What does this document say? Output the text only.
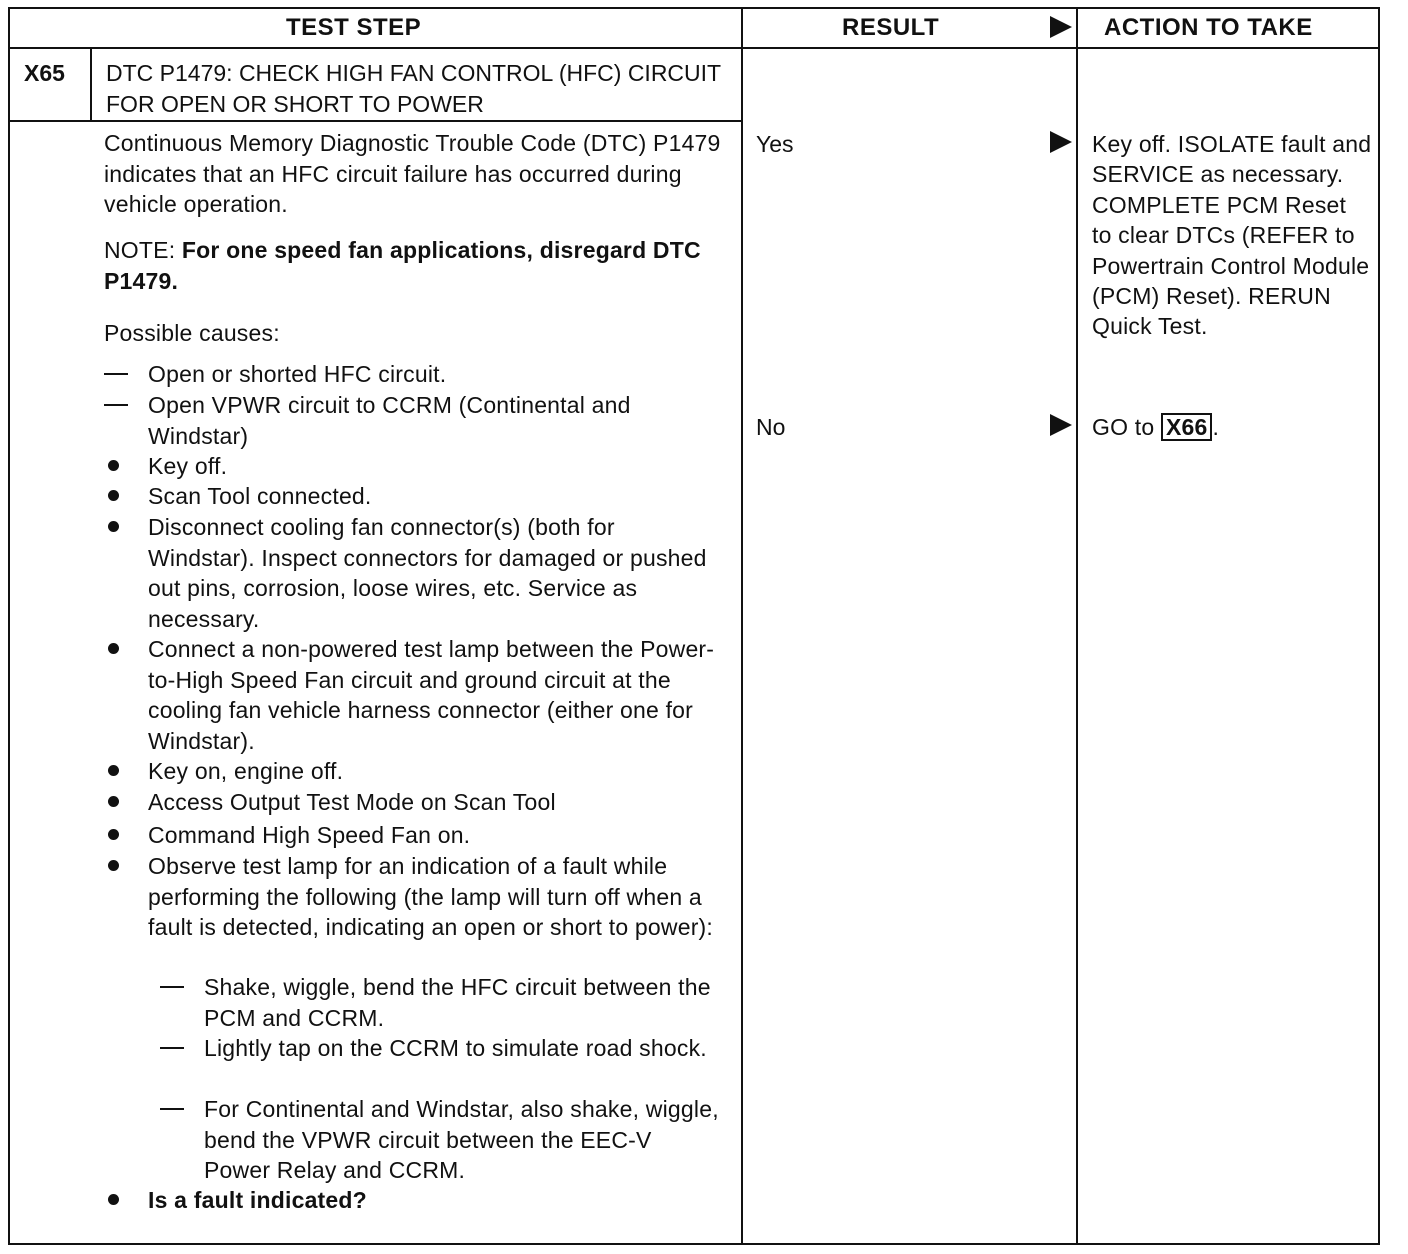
TEST STEP	RESULT	ACTION TO TAKE
X65 DTC P1479: CHECK HIGH FAN CONTROL (HFC) CIRCUIT FOR OPEN OR SHORT TO POWER
Continuous Memory Diagnostic Trouble Code (DTC) P1479 indicates that an HFC circuit failure has occurred during vehicle operation.
NOTE: For one speed fan applications, disregard DTC P1479.
Possible causes:
Open or shorted HFC circuit.
Open VPWR circuit to CCRM (Continental and Windstar)
Key off.
Scan Tool connected.
Disconnect cooling fan connector(s) (both for Windstar). Inspect connectors for damaged or pushed out pins, corrosion, loose wires, etc. Service as necessary.
Connect a non-powered test lamp between the Power-to-High Speed Fan circuit and ground circuit at the cooling fan vehicle harness connector (either one for Windstar).
Key on, engine off.
Access Output Test Mode on Scan Tool
Command High Speed Fan on.
Observe test lamp for an indication of a fault while performing the following (the lamp will turn off when a fault is detected, indicating an open or short to power):
Shake, wiggle, bend the HFC circuit between the PCM and CCRM.
Lightly tap on the CCRM to simulate road shock.
For Continental and Windstar, also shake, wiggle, bend the VPWR circuit between the EEC-V Power Relay and CCRM.
Is a fault indicated?
Yes
No
Key off. ISOLATE fault and SERVICE as necessary. COMPLETE PCM Reset to clear DTCs (REFER to Powertrain Control Module (PCM) Reset). RERUN Quick Test.
GO to X66 .
